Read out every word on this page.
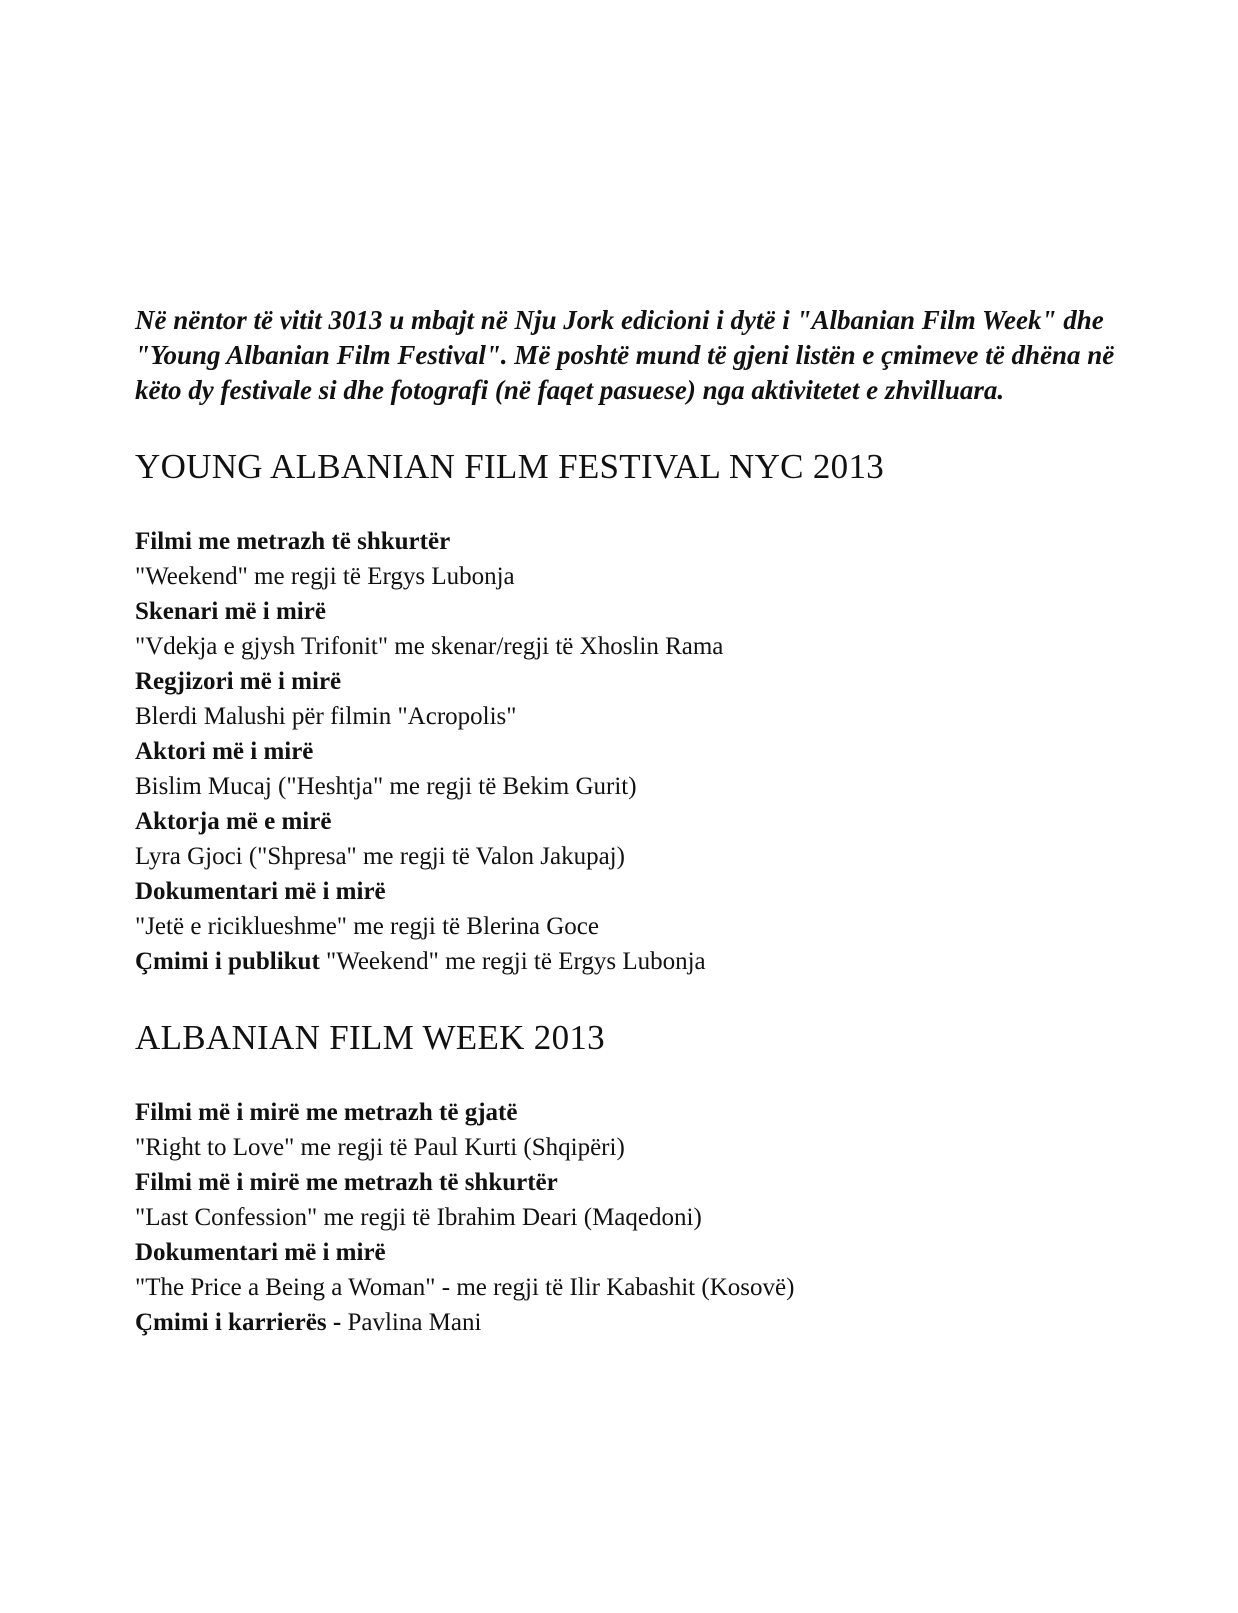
Në nëntor të vitit 3013 u mbajt në Nju Jork edicioni i dytë i "Albanian Film Week" dhe "Young Albanian Film Festival". Më poshtë mund të gjeni listën e çmimeve të dhëna në këto dy festivale si dhe fotografi (në faqet pasuese) nga aktivitetet e zhvilluara.

YOUNG ALBANIAN FILM FESTIVAL NYC 2013
Filmi me metrazh të shkurtër
"Weekend" me regji të Ergys Lubonja
Skenari më i mirë
"Vdekja e gjysh Trifonit" me skenar/regji të Xhoslin Rama
Regjizori më i mirë
Blerdi Malushi për filmin "Acropolis"
Aktori më i mirë
Bislim Mucaj ("Heshtja" me regji të Bekim Gurit)
Aktorja më e mirë
Lyra Gjoci ("Shpresa" me regji të Valon Jakupaj)
Dokumentari më i mirë
"Jetë e riciklueshme" me regji të Blerina Goce
Çmimi i publikut "Weekend" me regji të Ergys Lubonja
ALBANIAN FILM WEEK 2013
Filmi më i mirë me metrazh të gjatë
"Right to Love" me regji të Paul Kurti (Shqipëri)
Filmi më i mirë me metrazh të shkurtër
"Last Confession" me regji të Ibrahim Deari (Maqedoni)
Dokumentari më i mirë
"The Price a Being a Woman" - me regji të Ilir Kabashit (Kosovë)
Çmimi i karrierës - Pavlina Mani
